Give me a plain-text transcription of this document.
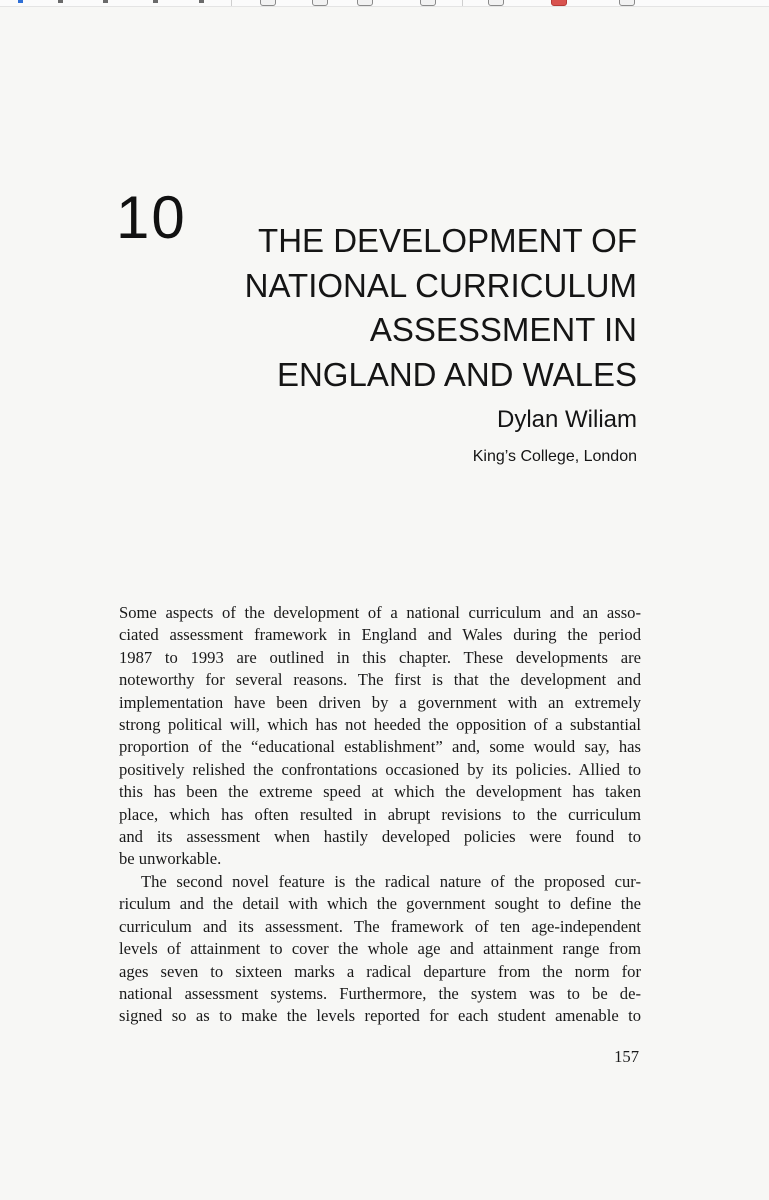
10	THE DEVELOPMENT OF
NATIONAL CURRICULUM
ASSESSMENT IN
ENGLAND AND WALES
Dylan Wiliam
King’s College, London
Some aspects of the development of a national curriculum and an asso-
ciated assessment framework in England and Wales during the period
1987 to 1993 are outlined in this chapter. These developments are
noteworthy for several reasons. The first is that the development and
implementation have been driven by a government with an extremely
strong political will, which has not heeded the opposition of a substantial
proportion of the “educational establishment” and, some would say, has
positively relished the confrontations occasioned by its policies. Allied to
this has been the extreme speed at which the development has taken
place, which has often resulted in abrupt revisions to the curriculum
and its assessment when hastily developed policies were found to
be unworkable.
The second novel feature is the radical nature of the proposed cur-
riculum and the detail with which the government sought to define the
curriculum and its assessment. The framework of ten age-independent
levels of attainment to cover the whole age and attainment range from
ages seven to sixteen marks a radical departure from the norm for
national assessment systems. Furthermore, the system was to be de-
signed so as to make the levels reported for each student amenable to
157
